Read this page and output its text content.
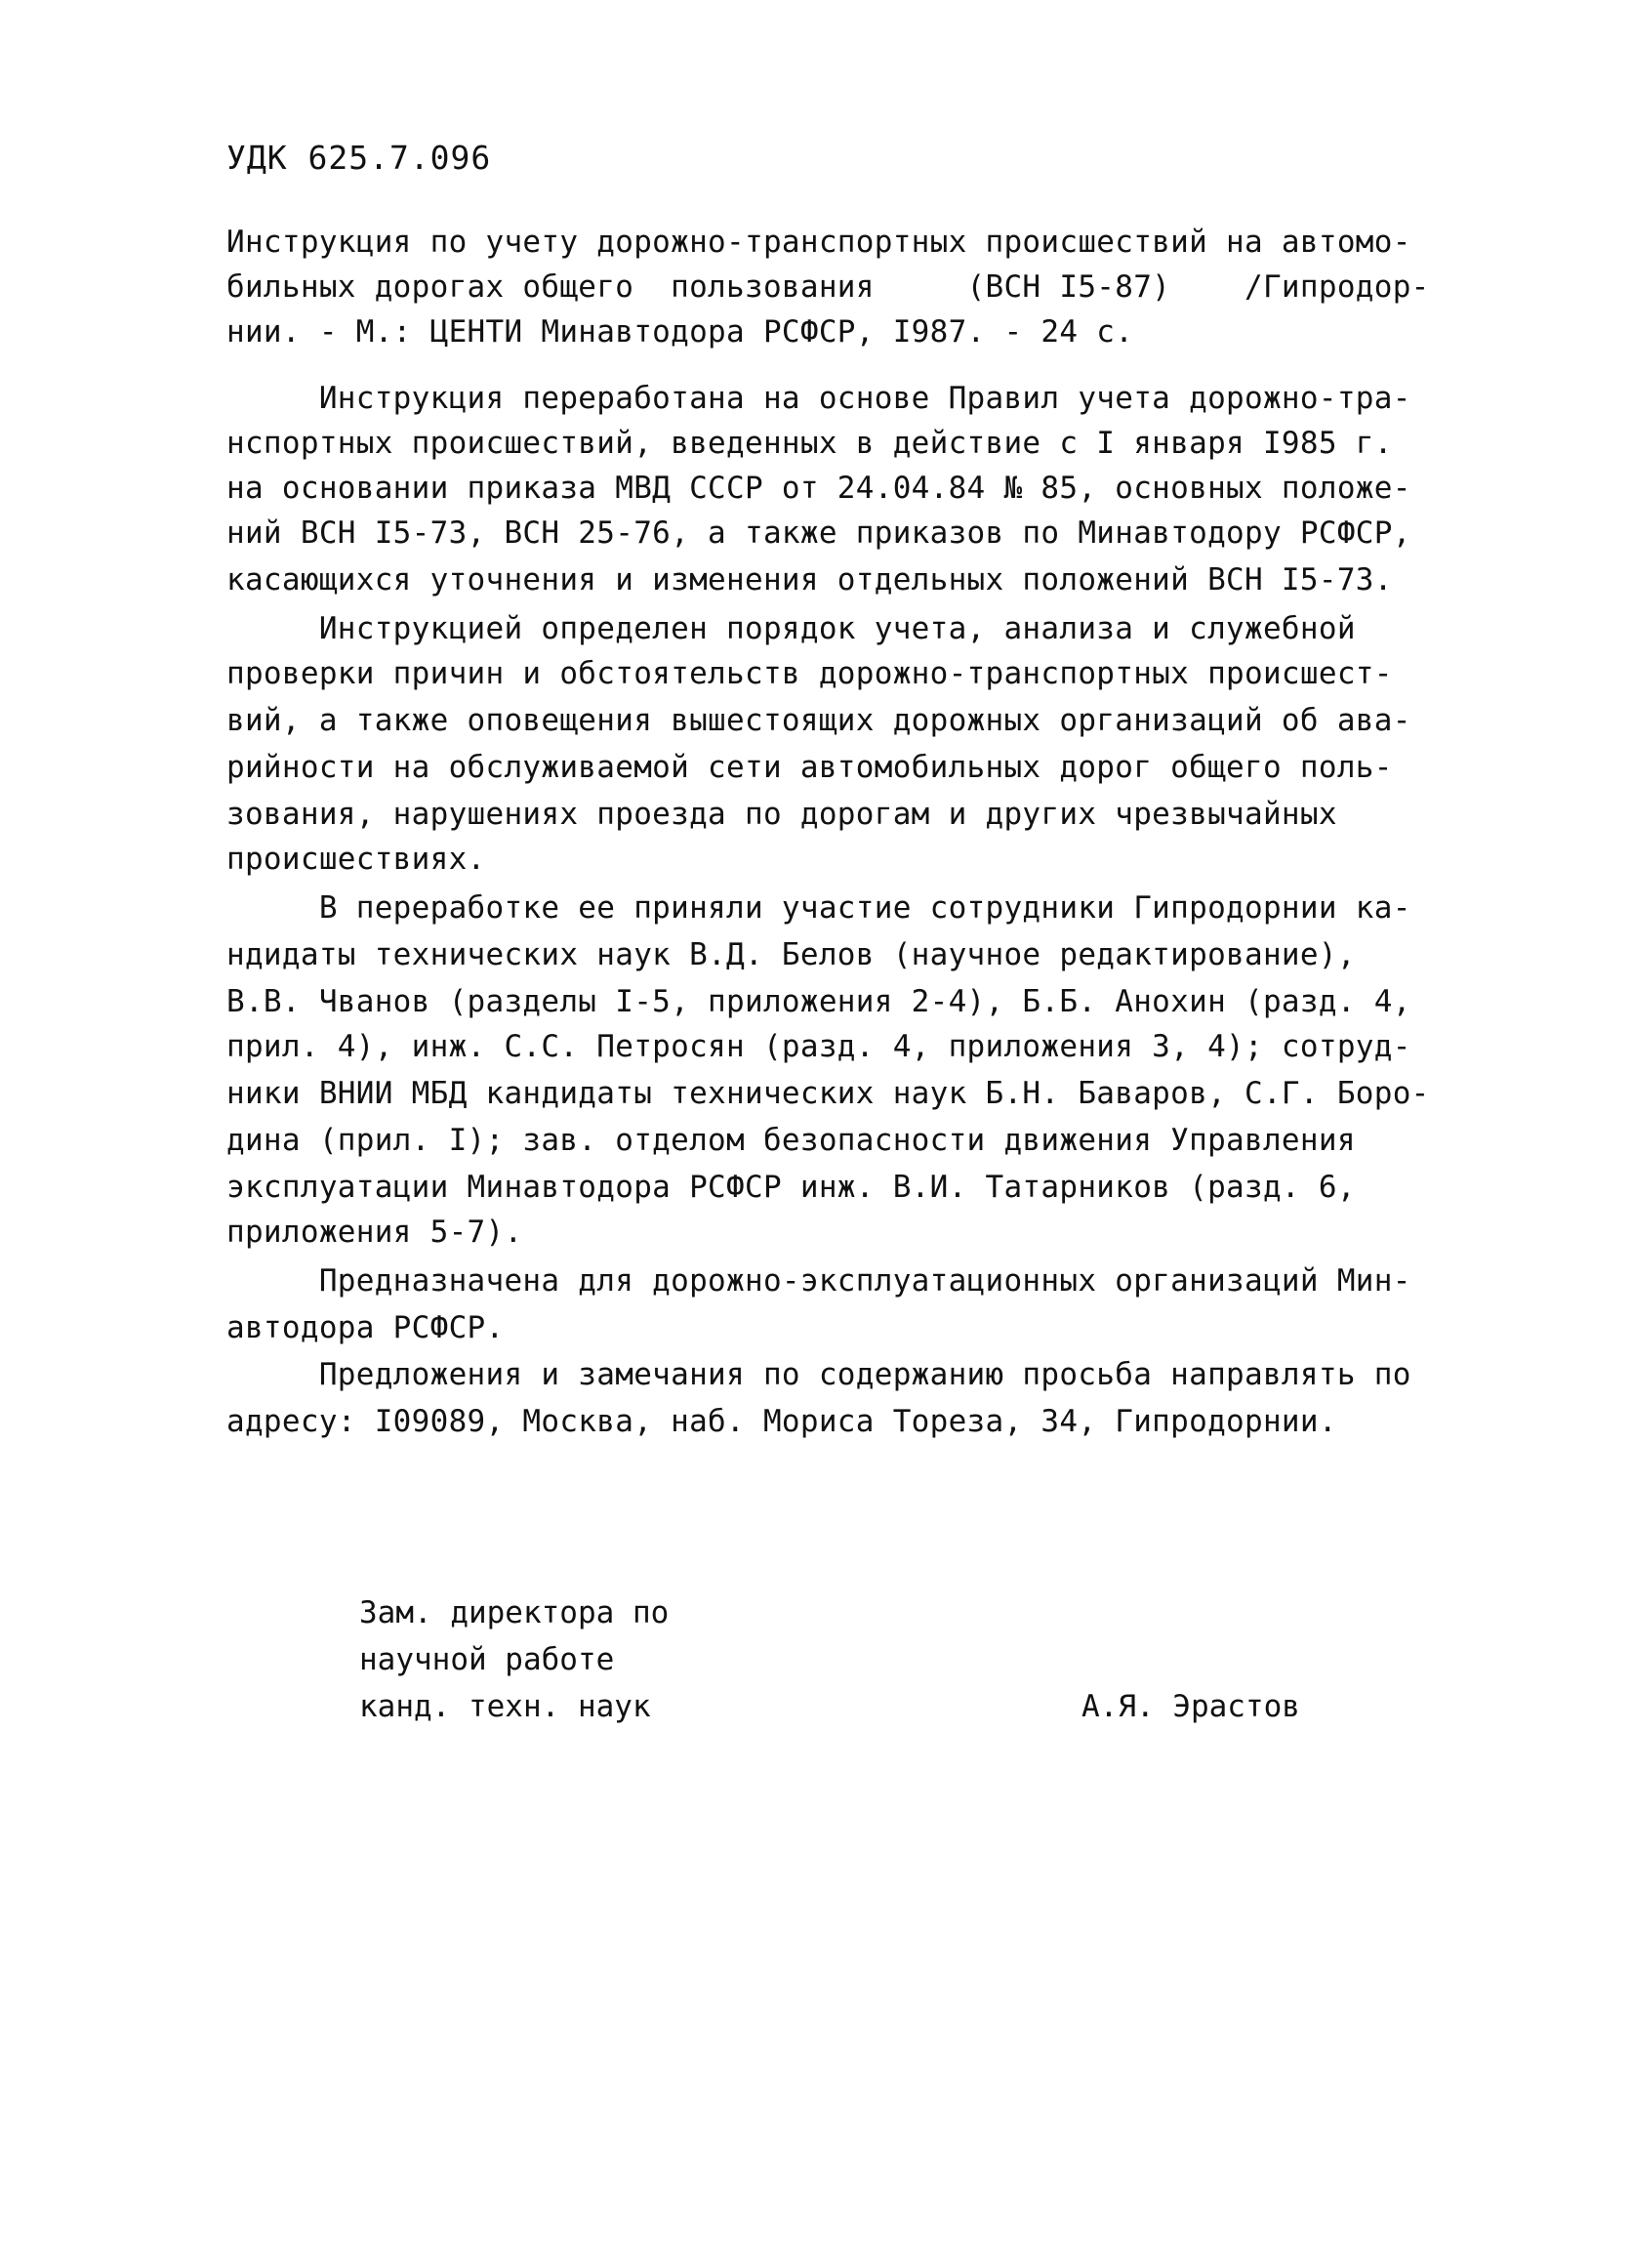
УДК 625.7.096
Инструкция по учету дорожно-транспортных происшествий на автомо-
бильных дорогах общего  пользования     (ВСН I5-87)    /Гипродор-
нии. - М.: ЦЕНТИ Минавтодора РСФСР, I987. - 24 с.
Инструкция переработана на основе Правил учета дорожно-тра-
нспортных происшествий, введенных в действие с I января I985 г.
на основании приказа МВД СССР от 24.04.84 № 85, основных положе-
ний ВСН I5-73, ВСН 25-76, а также приказов по Минавтодору РСФСР,
касающихся уточнения и изменения отдельных положений ВСН I5-73.
Инструкцией определен порядок учета, анализа и служебной
проверки причин и обстоятельств дорожно-транспортных происшест-
вий, а также оповещения вышестоящих дорожных организаций об ава-
рийности на обслуживаемой сети автомобильных дорог общего поль-
зования, нарушениях проезда по дорогам и других чрезвычайных
происшествиях.
В переработке ее приняли участие сотрудники Гипродорнии ка-
ндидаты технических наук В.Д. Белов (научное редактирование),
В.В. Чванов (разделы I-5, приложения 2-4), Б.Б. Анохин (разд. 4,
прил. 4), инж. С.С. Петросян (разд. 4, приложения 3, 4); сотруд-
ники ВНИИ МБД кандидаты технических наук Б.Н. Баваров, С.Г. Боро-
дина (прил. I); зав. отделом безопасности движения Управления
эксплуатации Минавтодора РСФСР инж. В.И. Татарников (разд. 6,
приложения 5-7).
Предназначена для дорожно-эксплуатационных организаций Мин-
автодора РСФСР.
Предложения и замечания по содержанию просьба направлять по
адресу: I09089, Москва, наб. Мориса Тореза, 34, Гипродорнии.
Зам. директора по
научной работе
канд. техн. наук	А.Я. Эрастов
